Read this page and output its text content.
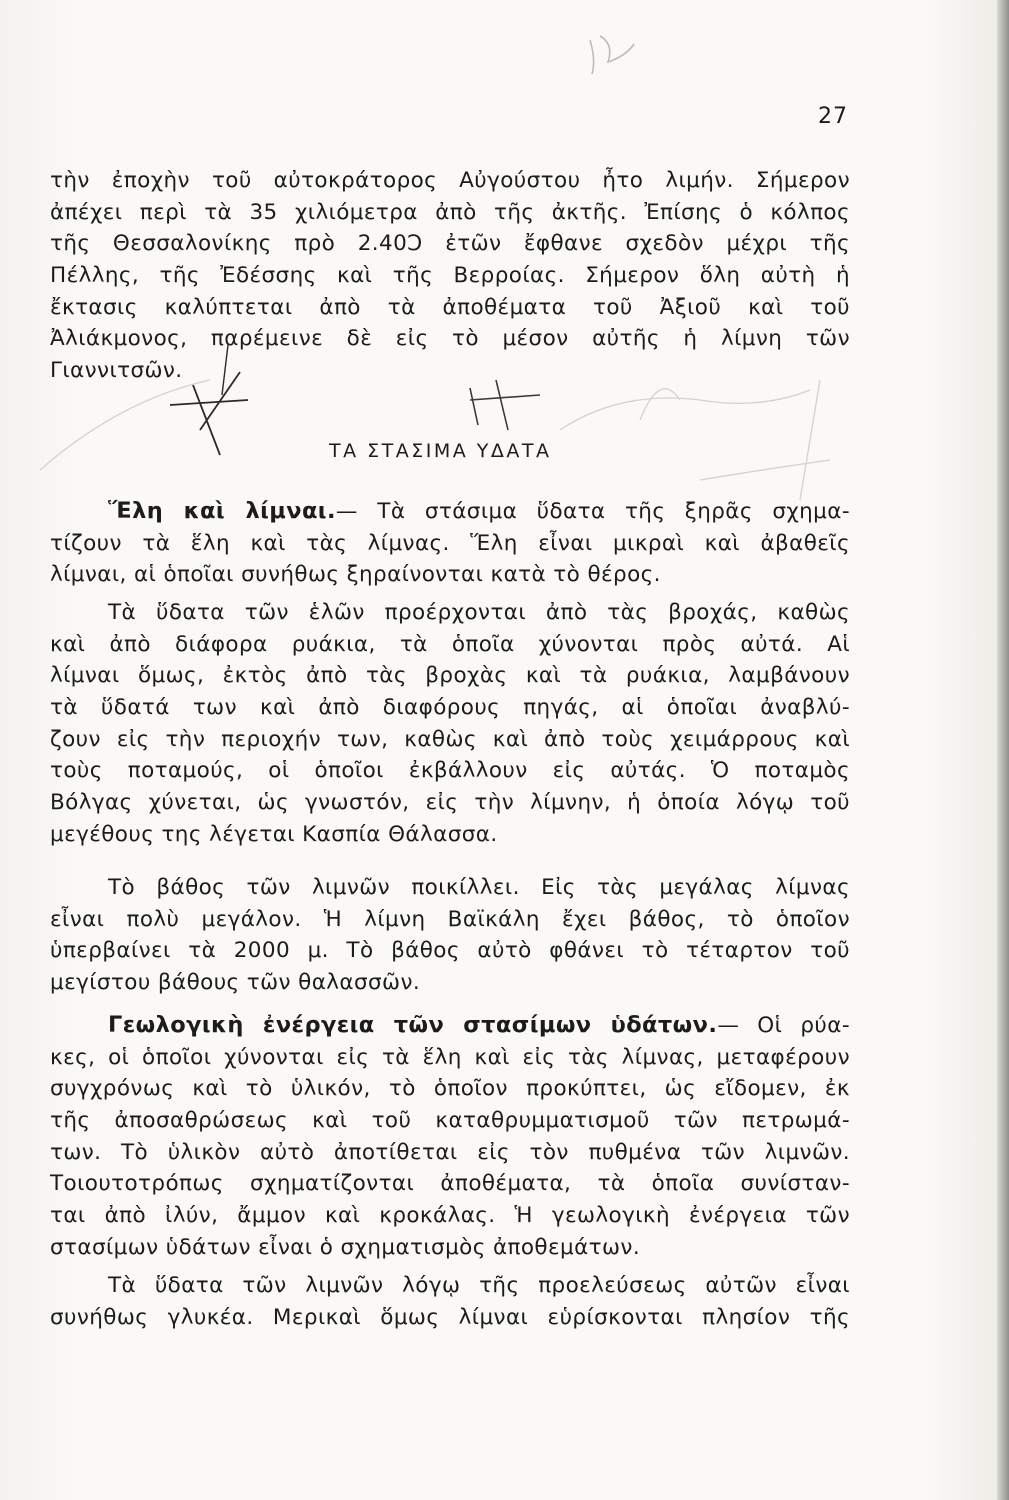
27
τὴν ἐποχὴν τοῦ αὐτοκράτορος Αὐγούστου ἦτο λιμήν. Σήμερον
ἀπέχει περὶ τὰ 35 χιλιόμετρα ἀπὸ τῆς ἀκτῆς. Ἐπίσης ὁ κόλπος
τῆς Θεσσαλονίκης πρὸ 2.40Ͻ ἐτῶν ἔφθανε σχεδὸν μέχρι τῆς
Πέλλης, τῆς Ἐδέσσης καὶ τῆς Βερροίας. Σήμερον ὅλη αὐτὴ ἡ
ἔκτασις καλύπτεται ἀπὸ τὰ ἀποθέματα τοῦ Ἀξιοῦ καὶ τοῦ
Ἀλιάκμονος, παρέμεινε δὲ εἰς τὸ μέσον αὐτῆς ἡ λίμνη τῶν
Γιαννιτσῶν.
ΤΑ ΣΤΑΣΙΜΑ ΥΔΑΤΑ
Ἕλη καὶ λίμναι.— Τὰ στάσιμα ὕδατα τῆς ξηρᾶς σχημα-
τίζουν τὰ ἕλη καὶ τὰς λίμνας. Ἕλη εἶναι μικραὶ καὶ ἀβαθεῖς
λίμναι, αἱ ὁποῖαι συνήθως ξηραίνονται κατὰ τὸ θέρος.
Τὰ ὕδατα τῶν ἑλῶν προέρχονται ἀπὸ τὰς βροχάς, καθὼς
καὶ ἀπὸ διάφορα ρυάκια, τὰ ὁποῖα χύνονται πρὸς αὐτά. Αἱ
λίμναι ὅμως, ἐκτὸς ἀπὸ τὰς βροχὰς καὶ τὰ ρυάκια, λαμβάνουν
τὰ ὕδατά των καὶ ἀπὸ διαφόρους πηγάς, αἱ ὁποῖαι ἀναβλύ-
ζουν εἰς τὴν περιοχήν των, καθὼς καὶ ἀπὸ τοὺς χειμάρρους καὶ
τοὺς ποταμούς, οἱ ὁποῖοι ἐκβάλλουν εἰς αὐτάς. Ὁ ποταμὸς
Βόλγας χύνεται, ὡς γνωστόν, εἰς τὴν λίμνην, ἡ ὁποία λόγῳ τοῦ
μεγέθους της λέγεται Κασπία Θάλασσα.
Τὸ βάθος τῶν λιμνῶν ποικίλλει. Εἰς τὰς μεγάλας λίμνας
εἶναι πολὺ μεγάλον. Ἡ λίμνη Βαϊκάλη ἔχει βάθος, τὸ ὁποῖον
ὑπερβαίνει τὰ 2000 μ. Τὸ βάθος αὐτὸ φθάνει τὸ τέταρτον τοῦ
μεγίστου βάθους τῶν θαλασσῶν.
Γεωλογικὴ ἐνέργεια τῶν στασίμων ὑδάτων.— Οἱ ρύα-
κες, οἱ ὁποῖοι χύνονται εἰς τὰ ἕλη καὶ εἰς τὰς λίμνας, μεταφέρουν
συγχρόνως καὶ τὸ ὑλικόν, τὸ ὁποῖον προκύπτει, ὡς εἴδομεν, ἐκ
τῆς ἀποσαθρώσεως καὶ τοῦ καταθρυμματισμοῦ τῶν πετρωμά-
των. Τὸ ὑλικὸν αὐτὸ ἀποτίθεται εἰς τὸν πυθμένα τῶν λιμνῶν.
Τοιουτοτρόπως σχηματίζονται ἀποθέματα, τὰ ὁποῖα συνίσταν-
ται ἀπὸ ἰλύν, ἄμμον καὶ κροκάλας. Ἡ γεωλογικὴ ἐνέργεια τῶν
στασίμων ὑδάτων εἶναι ὁ σχηματισμὸς ἀποθεμάτων.
Τὰ ὕδατα τῶν λιμνῶν λόγῳ τῆς προελεύσεως αὐτῶν εἶναι
συνήθως γλυκέα. Μερικαὶ ὅμως λίμναι εὑρίσκονται πλησίον τῆς
